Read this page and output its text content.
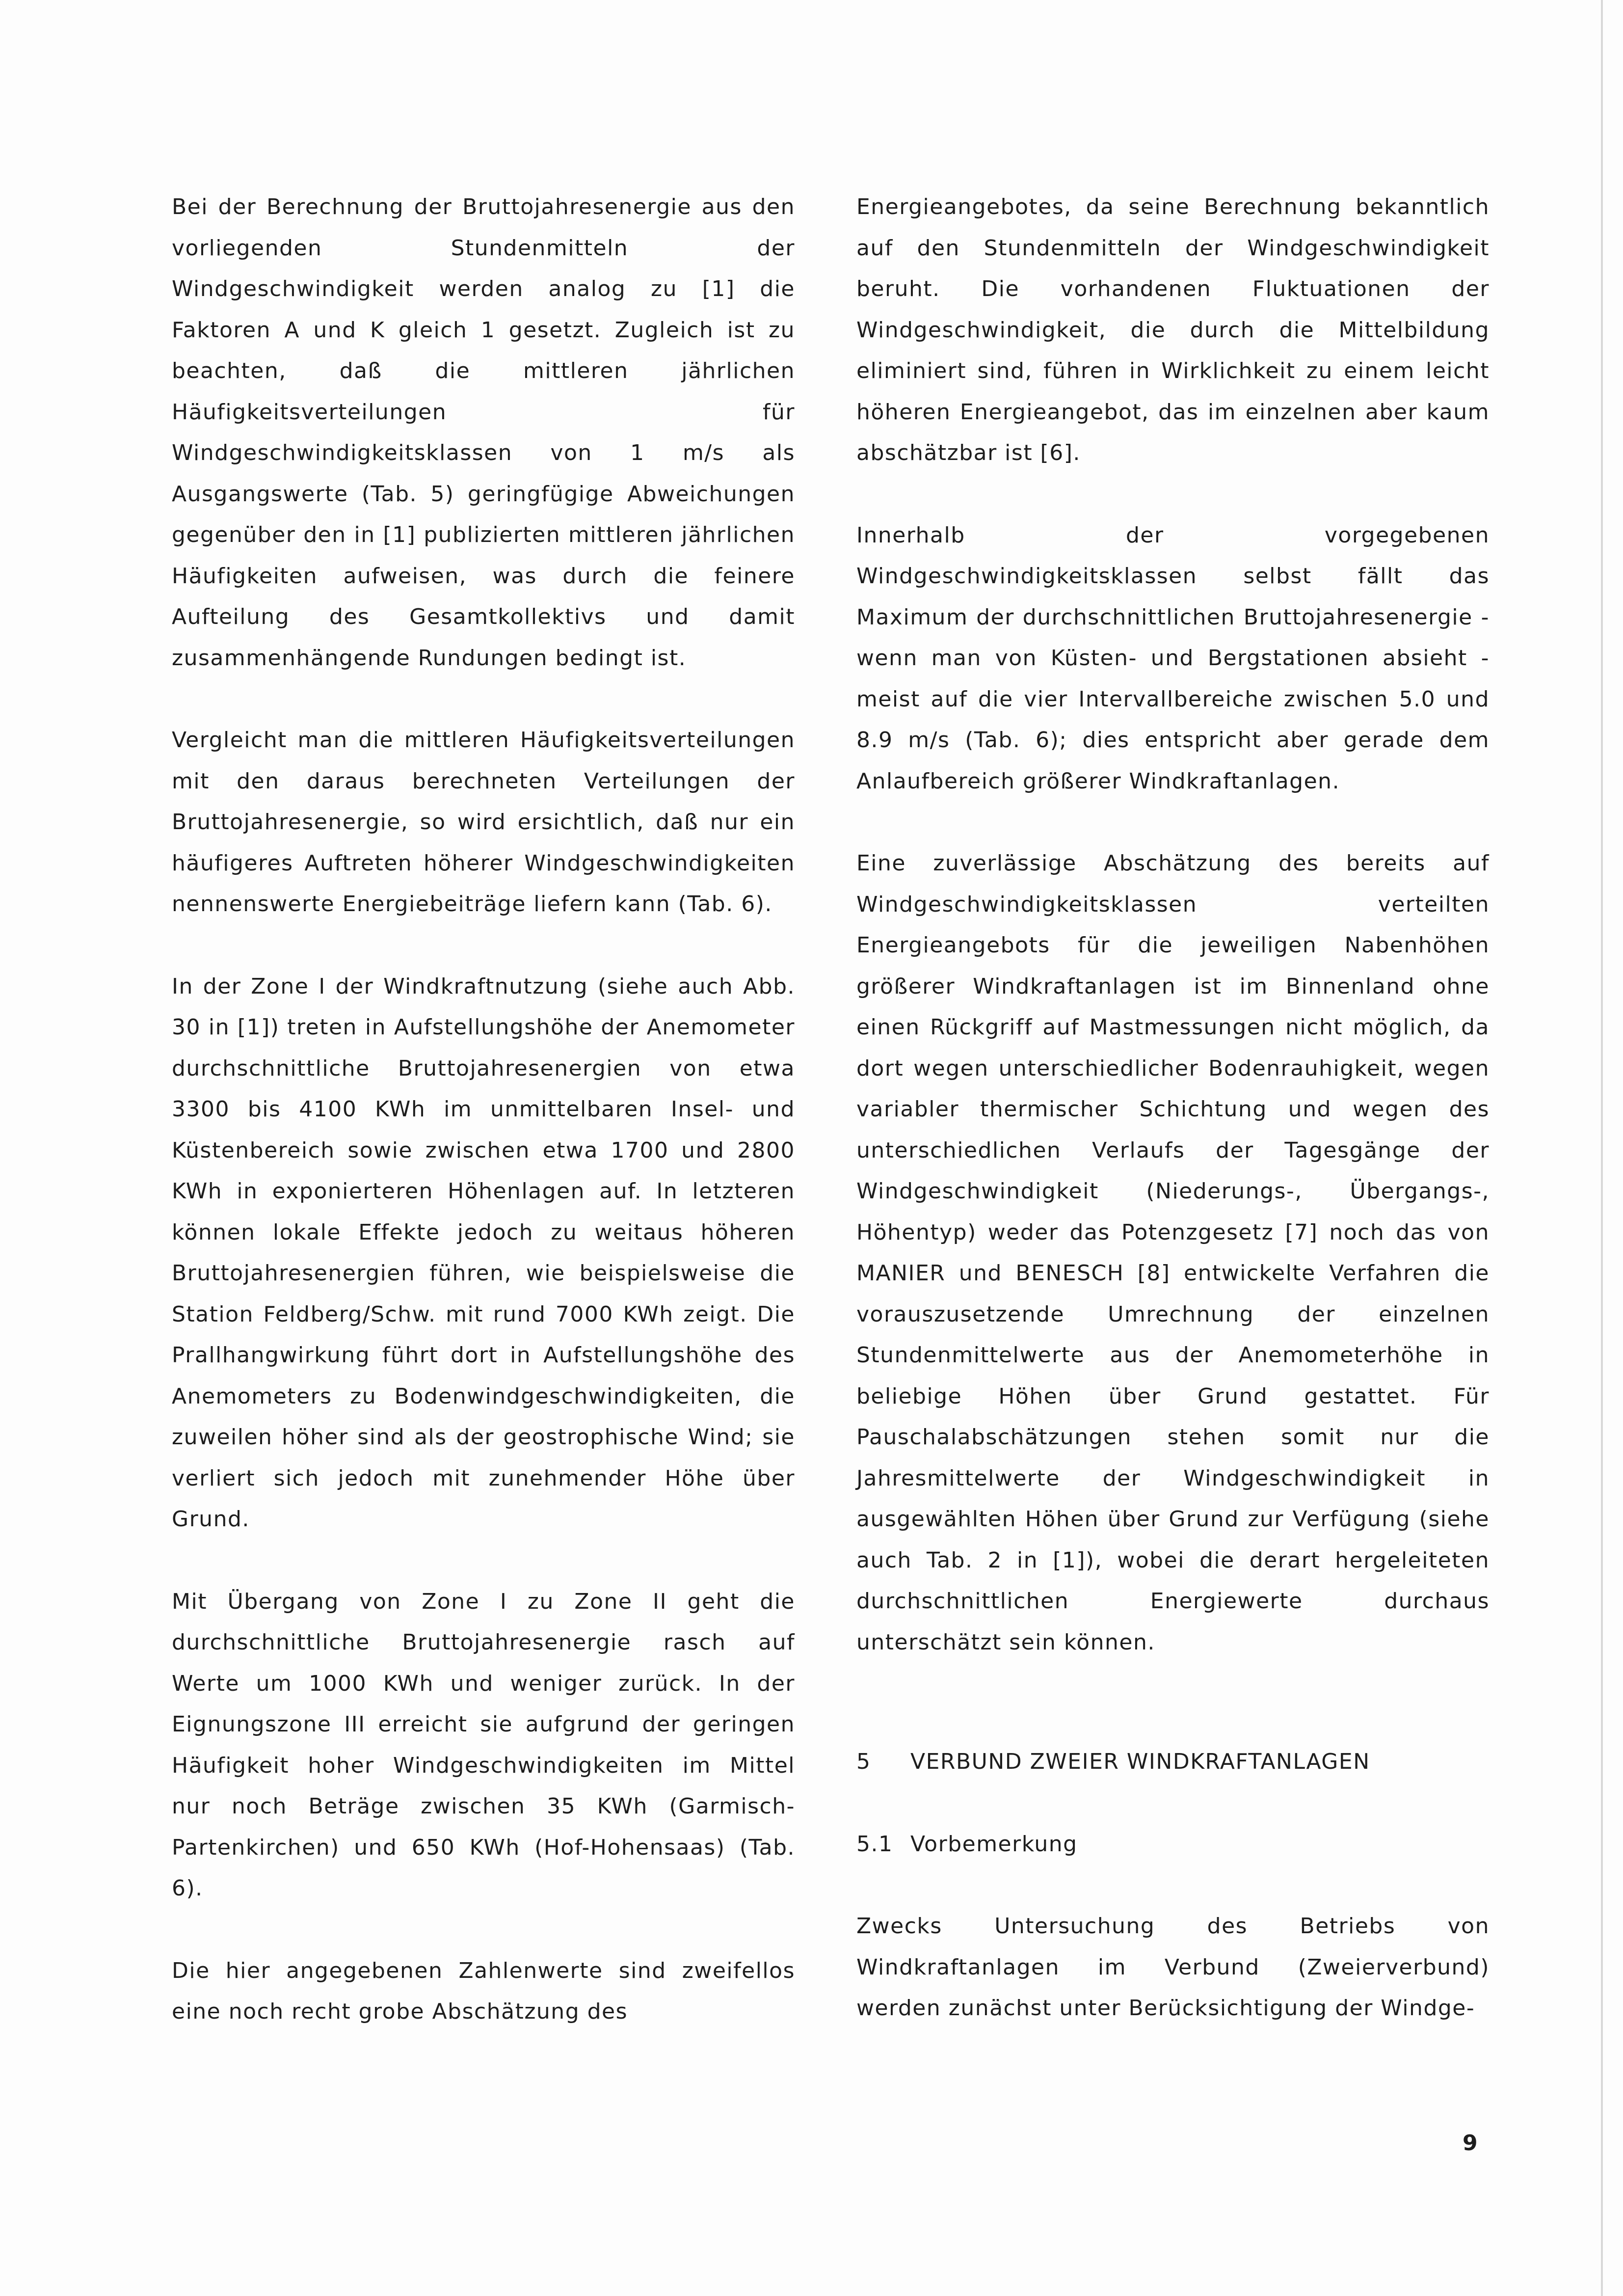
Bei der Berechnung der Bruttojahresenergie aus den vorliegenden Stundenmitteln der Windgeschwindigkeit werden analog zu [1] die Faktoren A und K gleich 1 gesetzt. Zugleich ist zu beachten, daß die mittleren jährlichen Häufigkeitsverteilungen für Windgeschwindigkeitsklassen von 1 m/s als Ausgangswerte (Tab. 5) geringfügige Abweichungen gegenüber den in [1] publizierten mittleren jährlichen Häufigkeiten aufweisen, was durch die feinere Aufteilung des Gesamtkollektivs und damit zusammenhängende Rundungen bedingt ist.

Vergleicht man die mittleren Häufigkeitsverteilungen mit den daraus berechneten Verteilungen der Bruttojahresenergie, so wird ersichtlich, daß nur ein häufigeres Auftreten höherer Windgeschwindigkeiten nennenswerte Energiebeiträge liefern kann (Tab. 6).

In der Zone I der Windkraftnutzung (siehe auch Abb. 30 in [1]) treten in Aufstellungshöhe der Anemometer durchschnittliche Bruttojahresenergien von etwa 3300 bis 4100 KWh im unmittelbaren Insel- und Küstenbereich sowie zwischen etwa 1700 und 2800 KWh in exponierteren Höhenlagen auf. In letzteren können lokale Effekte jedoch zu weitaus höheren Bruttojahresenergien führen, wie beispielsweise die Station Feldberg/Schw. mit rund 7000 KWh zeigt. Die Prallhangwirkung führt dort in Aufstellungshöhe des Anemometers zu Bodenwindgeschwindigkeiten, die zuweilen höher sind als der geostrophische Wind; sie verliert sich jedoch mit zunehmender Höhe über Grund.

Mit Übergang von Zone I zu Zone II geht die durchschnittliche Bruttojahresenergie rasch auf Werte um 1000 KWh und weniger zurück. In der Eignungszone III erreicht sie aufgrund der geringen Häufigkeit hoher Windgeschwindigkeiten im Mittel nur noch Beträge zwischen 35 KWh (Garmisch-Partenkirchen) und 650 KWh (Hof-Hohensaas) (Tab. 6).

Die hier angegebenen Zahlenwerte sind zweifellos eine noch recht grobe Abschätzung des

Energieangebotes, da seine Berechnung bekanntlich auf den Stundenmitteln der Windgeschwindigkeit beruht. Die vorhandenen Fluktuationen der Windgeschwindigkeit, die durch die Mittelbildung eliminiert sind, führen in Wirklichkeit zu einem leicht höheren Energieangebot, das im einzelnen aber kaum abschätzbar ist [6].

Innerhalb der vorgegebenen Windgeschwindigkeitsklassen selbst fällt das Maximum der durchschnittlichen Bruttojahresenergie - wenn man von Küsten- und Bergstationen absieht - meist auf die vier Intervallbereiche zwischen 5.0 und 8.9 m/s (Tab. 6); dies entspricht aber gerade dem Anlaufbereich größerer Windkraftanlagen.

Eine zuverlässige Abschätzung des bereits auf Windgeschwindigkeitsklassen verteilten Energieangebots für die jeweiligen Nabenhöhen größerer Windkraftanlagen ist im Binnenland ohne einen Rückgriff auf Mastmessungen nicht möglich, da dort wegen unterschiedlicher Bodenrauhigkeit, wegen variabler thermischer Schichtung und wegen des unterschiedlichen Verlaufs der Tagesgänge der Windgeschwindigkeit (Niederungs-, Übergangs-, Höhentyp) weder das Potenzgesetz [7] noch das von MANIER und BENESCH [8] entwickelte Verfahren die vorauszusetzende Umrechnung der einzelnen Stundenmittelwerte aus der Anemometerhöhe in beliebige Höhen über Grund gestattet. Für Pauschalabschätzungen stehen somit nur die Jahresmittelwerte der Windgeschwindigkeit in ausgewählten Höhen über Grund zur Verfügung (siehe auch Tab. 2 in [1]), wobei die derart hergeleiteten durchschnittlichen Energiewerte durchaus unterschätzt sein können.

5 VERBUND ZWEIER WINDKRAFTANLAGEN
5.1 Vorbemerkung

Zwecks Untersuchung des Betriebs von Windkraftanlagen im Verbund (Zweierverbund) werden zunächst unter Berücksichtigung der Windge-

9
